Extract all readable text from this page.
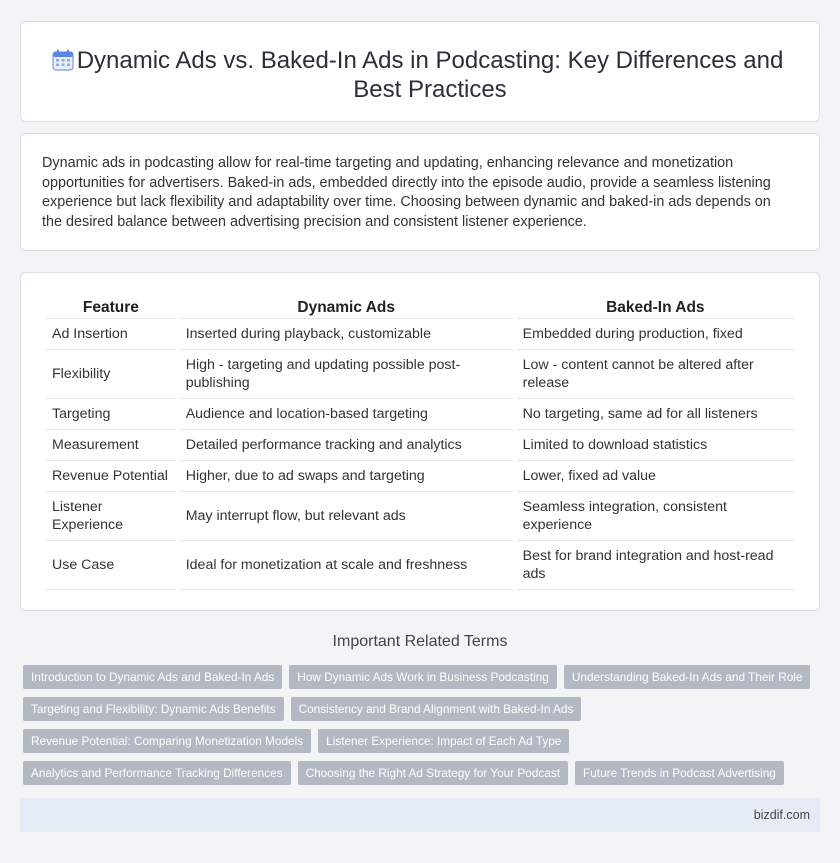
Dynamic Ads vs. Baked-In Ads in Podcasting: Key Differences and Best Practices

Dynamic ads in podcasting allow for real-time targeting and updating, enhancing relevance and monetization opportunities for advertisers. Baked-in ads, embedded directly into the episode audio, provide a seamless listening experience but lack flexibility and adaptability over time. Choosing between dynamic and baked-in ads depends on the desired balance between advertising precision and consistent listener experience.

Feature	Dynamic Ads	Baked-In Ads
Ad Insertion	Inserted during playback, customizable	Embedded during production, fixed
Flexibility	High - targeting and updating possible post-publishing	Low - content cannot be altered after release
Targeting	Audience and location-based targeting	No targeting, same ad for all listeners
Measurement	Detailed performance tracking and analytics	Limited to download statistics
Revenue Potential	Higher, due to ad swaps and targeting	Lower, fixed ad value
Listener Experience	May interrupt flow, but relevant ads	Seamless integration, consistent experience
Use Case	Ideal for monetization at scale and freshness	Best for brand integration and host-read ads
Important Related Terms
Introduction to Dynamic Ads and Baked-In Ads	How Dynamic Ads Work in Business Podcasting	Understanding Baked-In Ads and Their Role
Targeting and Flexibility: Dynamic Ads Benefits	Consistency and Brand Alignment with Baked-In Ads
Revenue Potential: Comparing Monetization Models	Listener Experience: Impact of Each Ad Type
Analytics and Performance Tracking Differences	Choosing the Right Ad Strategy for Your Podcast	Future Trends in Podcast Advertising
bizdif.com
